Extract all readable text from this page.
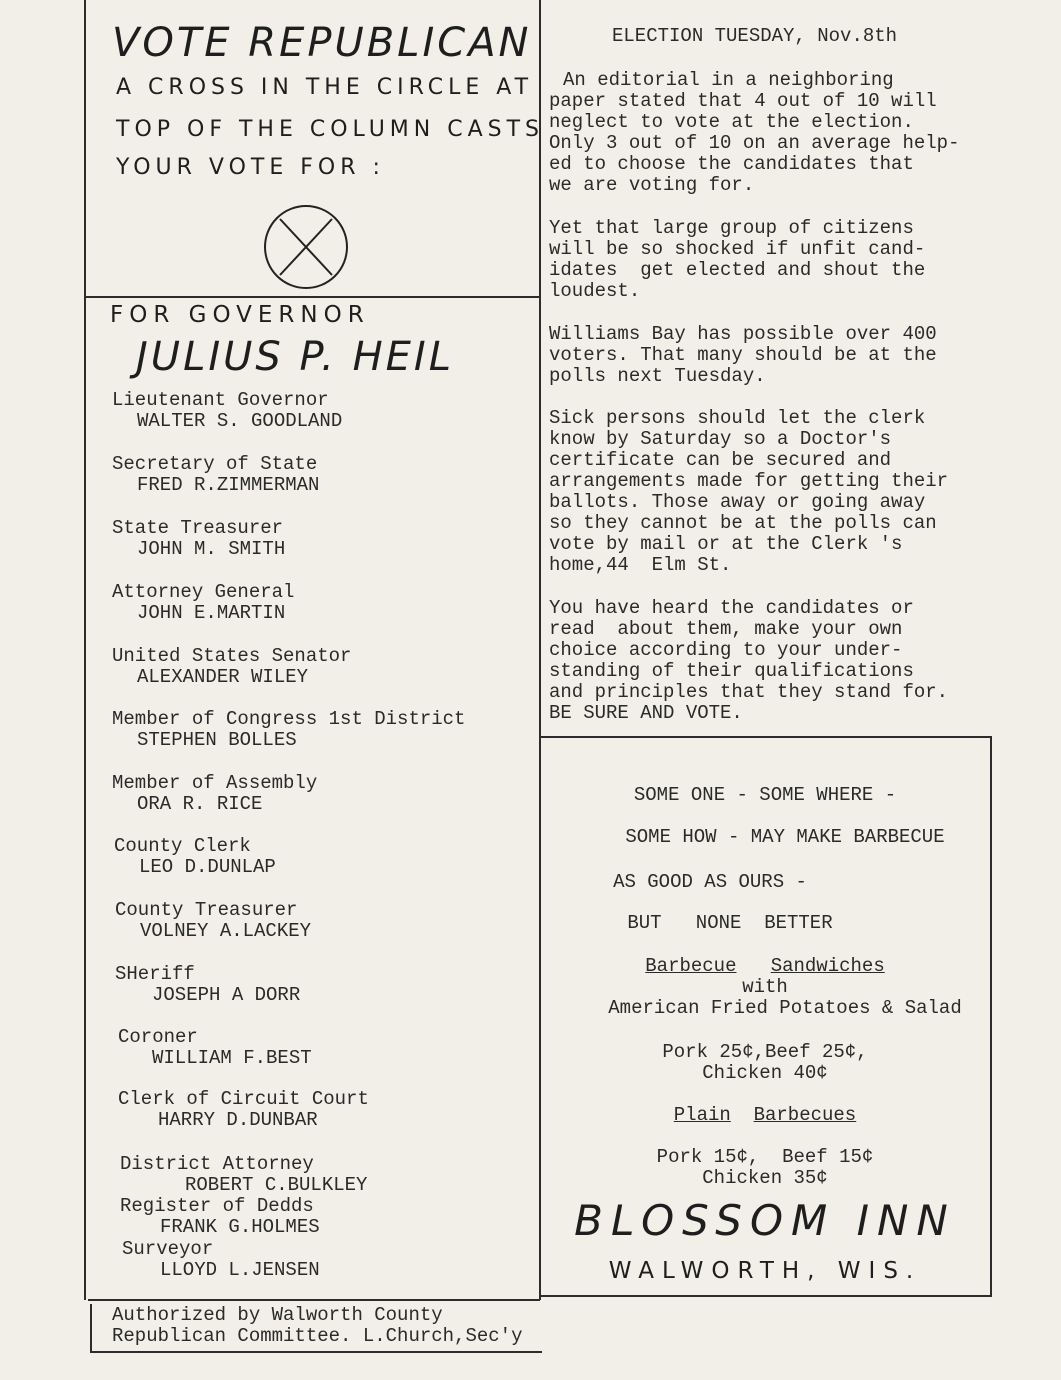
VOTE REPUBLICAN
A CROSS IN THE CIRCLE AT
TOP OF THE COLUMN CASTS
YOUR VOTE FOR :
FOR GOVERNOR
JULIUS P. HEIL
Lieutenant Governor
WALTER S. GOODLAND
Secretary of State
FRED R.ZIMMERMAN
State Treasurer
JOHN M. SMITH
Attorney General
JOHN E.MARTIN
United States Senator
ALEXANDER WILEY
Member of Congress 1st District
STEPHEN BOLLES
Member of Assembly
ORA R. RICE
County Clerk
LEO D.DUNLAP
County Treasurer
VOLNEY A.LACKEY
SHeriff
JOSEPH A DORR
Coroner
WILLIAM F.BEST
Clerk of Circuit Court
HARRY D.DUNBAR
District Attorney
ROBERT C.BULKLEY
Register of Dedds
FRANK G.HOLMES
Surveyor
LLOYD L.JENSEN
ELECTION TUESDAY, Nov.8th
An editorial in a neighboring
paper stated that 4 out of 10 will
neglect to vote at the election.
Only 3 out of 10 on an average help-
ed to choose the candidates that
we are voting for.
Yet that large group of citizens
will be so shocked if unfit cand-
idates  get elected and shout the
loudest.
Williams Bay has possible over 400
voters. That many should be at the
polls next Tuesday.
Sick persons should let the clerk
know by Saturday so a Doctor's
certificate can be secured and
arrangements made for getting their
ballots. Those away or going away
so they cannot be at the polls can
vote by mail or at the Clerk 's
home,44  Elm St.
You have heard the candidates or
read  about them, make your own
choice according to your under-
standing of their qualifications
and principles that they stand for.
BE SURE AND VOTE.
SOME ONE - SOME WHERE -
SOME HOW - MAY MAKE BARBECUE
AS GOOD AS OURS -
BUT   NONE  BETTER
Barbecue Sandwiches
with
American Fried Potatoes & Salad
Pork 25¢,Beef 25¢,
Chicken 40¢
Plain Barbecues
Pork 15¢,  Beef 15¢
Chicken 35¢
BLOSSOM INN
WALWORTH, WIS.
Authorized by Walworth County
Republican Committee. L.Church,Sec'y
